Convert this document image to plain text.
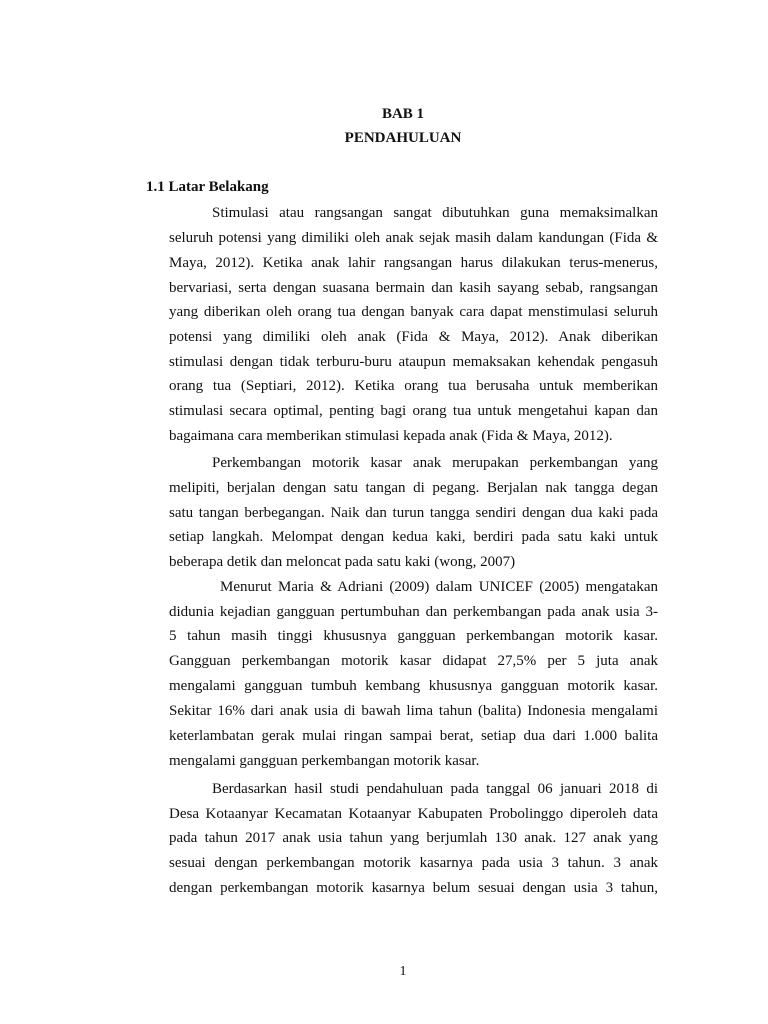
BAB 1
PENDAHULUAN
1.1 Latar Belakang
Stimulasi atau rangsangan sangat dibutuhkan guna memaksimalkan
seluruh potensi yang dimiliki oleh anak sejak masih dalam kandungan (Fida &
Maya, 2012). Ketika anak lahir rangsangan harus dilakukan terus-menerus,
bervariasi, serta dengan suasana bermain dan kasih sayang sebab, rangsangan
yang diberikan oleh orang tua dengan banyak cara dapat menstimulasi seluruh
potensi yang dimiliki oleh anak (Fida & Maya, 2012). Anak diberikan
stimulasi dengan tidak terburu-buru ataupun memaksakan kehendak pengasuh
orang tua (Septiari, 2012). Ketika orang tua berusaha untuk memberikan
stimulasi secara optimal, penting bagi orang tua untuk mengetahui kapan dan
bagaimana cara memberikan stimulasi kepada anak (Fida & Maya, 2012).
Perkembangan motorik kasar anak merupakan perkembangan yang
melipiti, berjalan dengan satu tangan di pegang. Berjalan nak tangga degan
satu tangan berbegangan. Naik dan turun tangga sendiri dengan dua kaki pada
setiap langkah. Melompat dengan kedua kaki, berdiri pada satu kaki untuk
beberapa detik dan meloncat pada satu kaki (wong, 2007)
Menurut Maria & Adriani (2009) dalam UNICEF (2005) mengatakan
didunia kejadian gangguan pertumbuhan dan perkembangan pada anak usia 3-
5 tahun masih tinggi khususnya gangguan perkembangan motorik kasar.
Gangguan perkembangan motorik kasar didapat 27,5% per 5 juta anak
mengalami gangguan tumbuh kembang khususnya gangguan motorik kasar.
Sekitar 16% dari anak usia di bawah lima tahun (balita) Indonesia mengalami
keterlambatan gerak mulai ringan sampai berat, setiap dua dari 1.000 balita
mengalami gangguan perkembangan motorik kasar.
Berdasarkan hasil studi pendahuluan pada tanggal 06 januari 2018 di
Desa Kotaanyar Kecamatan Kotaanyar Kabupaten Probolinggo diperoleh data
pada tahun 2017 anak usia tahun yang berjumlah 130 anak. 127 anak yang
sesuai dengan perkembangan motorik kasarnya pada usia 3 tahun. 3 anak
dengan perkembangan motorik kasarnya belum sesuai dengan usia 3 tahun,
1
